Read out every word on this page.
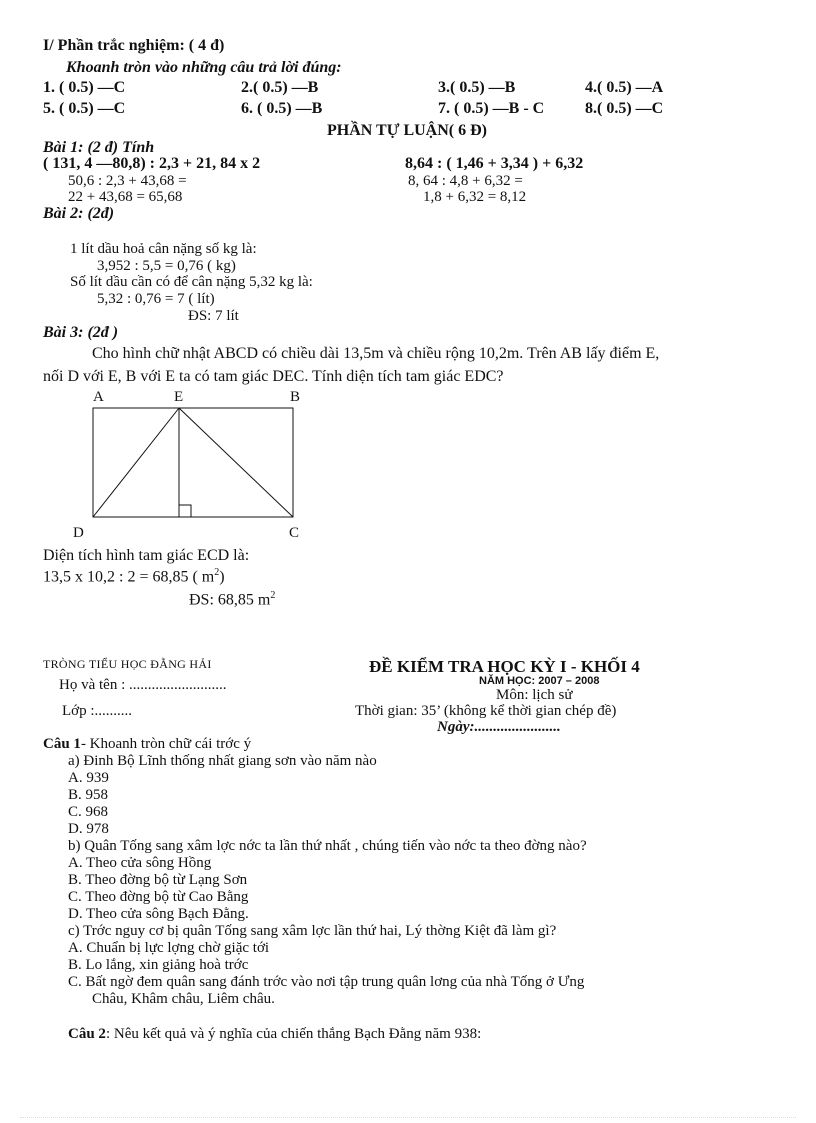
I/ Phần trắc nghiệm: ( 4 đ)
Khoanh tròn vào những câu trả lời đúng:
1. ( 0.5) —C	2.( 0.5) —B	3.( 0.5) —B	4.( 0.5) —A
5. ( 0.5) —C	6. ( 0.5) —B	7. ( 0.5) —B - C	8.( 0.5) —C
PHẦN TỰ LUẬN( 6 Đ)
Bài 1: (2 đ) Tính
( 131, 4 —80,8) : 2,3 + 21, 84 x 2
50,6 : 2,3 + 43,68 =
22 + 43,68 = 65,68
8,64 : ( 1,46 + 3,34 ) + 6,32
8, 64 : 4,8 + 6,32 =
1,8 + 6,32 = 8,12
Bài 2: (2đ)
1 lít dầu hoả cân nặng số kg là:
3,952 : 5,5 = 0,76 ( kg)
Số lít dầu cần có để cân nặng 5,32 kg là:
5,32 : 0,76 = 7 ( lít)
ĐS: 7 lít
Bài 3: (2đ )
Cho hình chữ nhật ABCD có chiều dài 13,5m và chiều rộng 10,2m. Trên AB lấy điểm E,
nối D với E, B với E ta có tam giác DEC. Tính diện tích tam giác EDC?
A	E	B
D	C
Diện tích hình tam giác ECD là:
13,5 x 10,2 : 2 = 68,85 ( $m^2$)
ĐS: 68,85 $m^2$
TRÒNG TIỂU HỌC ĐẰNG HẢI
Họ và tên : ..........................
Lớp :..........
ĐỀ KIỂM TRA HỌC KỲ I - KHỐI 4
NĂM HỌC: 2007 – 2008
Môn: lịch sử
Thời gian: 35’ (không kể thời gian chép đề)
Ngày:.......................
Câu 1- Khoanh tròn chữ cái trớc ý
a) Đinh Bộ Lĩnh thống nhất giang sơn vào năm nào
A. 939
B. 958
C. 968
D. 978
b) Quân Tống sang xâm lợc nớc ta lần thứ nhất , chúng tiến vào nớc ta theo đờng nào?
A. Theo cửa sông Hồng
B. Theo đờng bộ từ Lạng Sơn
C. Theo đờng bộ từ Cao Bằng
D. Theo cửa sông Bạch Đằng.
c) Trớc nguy cơ bị quân Tống sang xâm lợc lần thứ hai, Lý thờng Kiệt đã làm gì?
A. Chuẩn bị lực lợng chờ giặc tới
B. Lo lắng, xin giảng hoà trớc
C. Bất ngờ đem quân sang đánh trớc vào nơi tập trung quân lơng của nhà Tống ở Ưng
Châu, Khâm châu, Liêm châu.
Câu 2: Nêu kết quả và ý nghĩa của chiến thắng Bạch Đằng năm 938:
